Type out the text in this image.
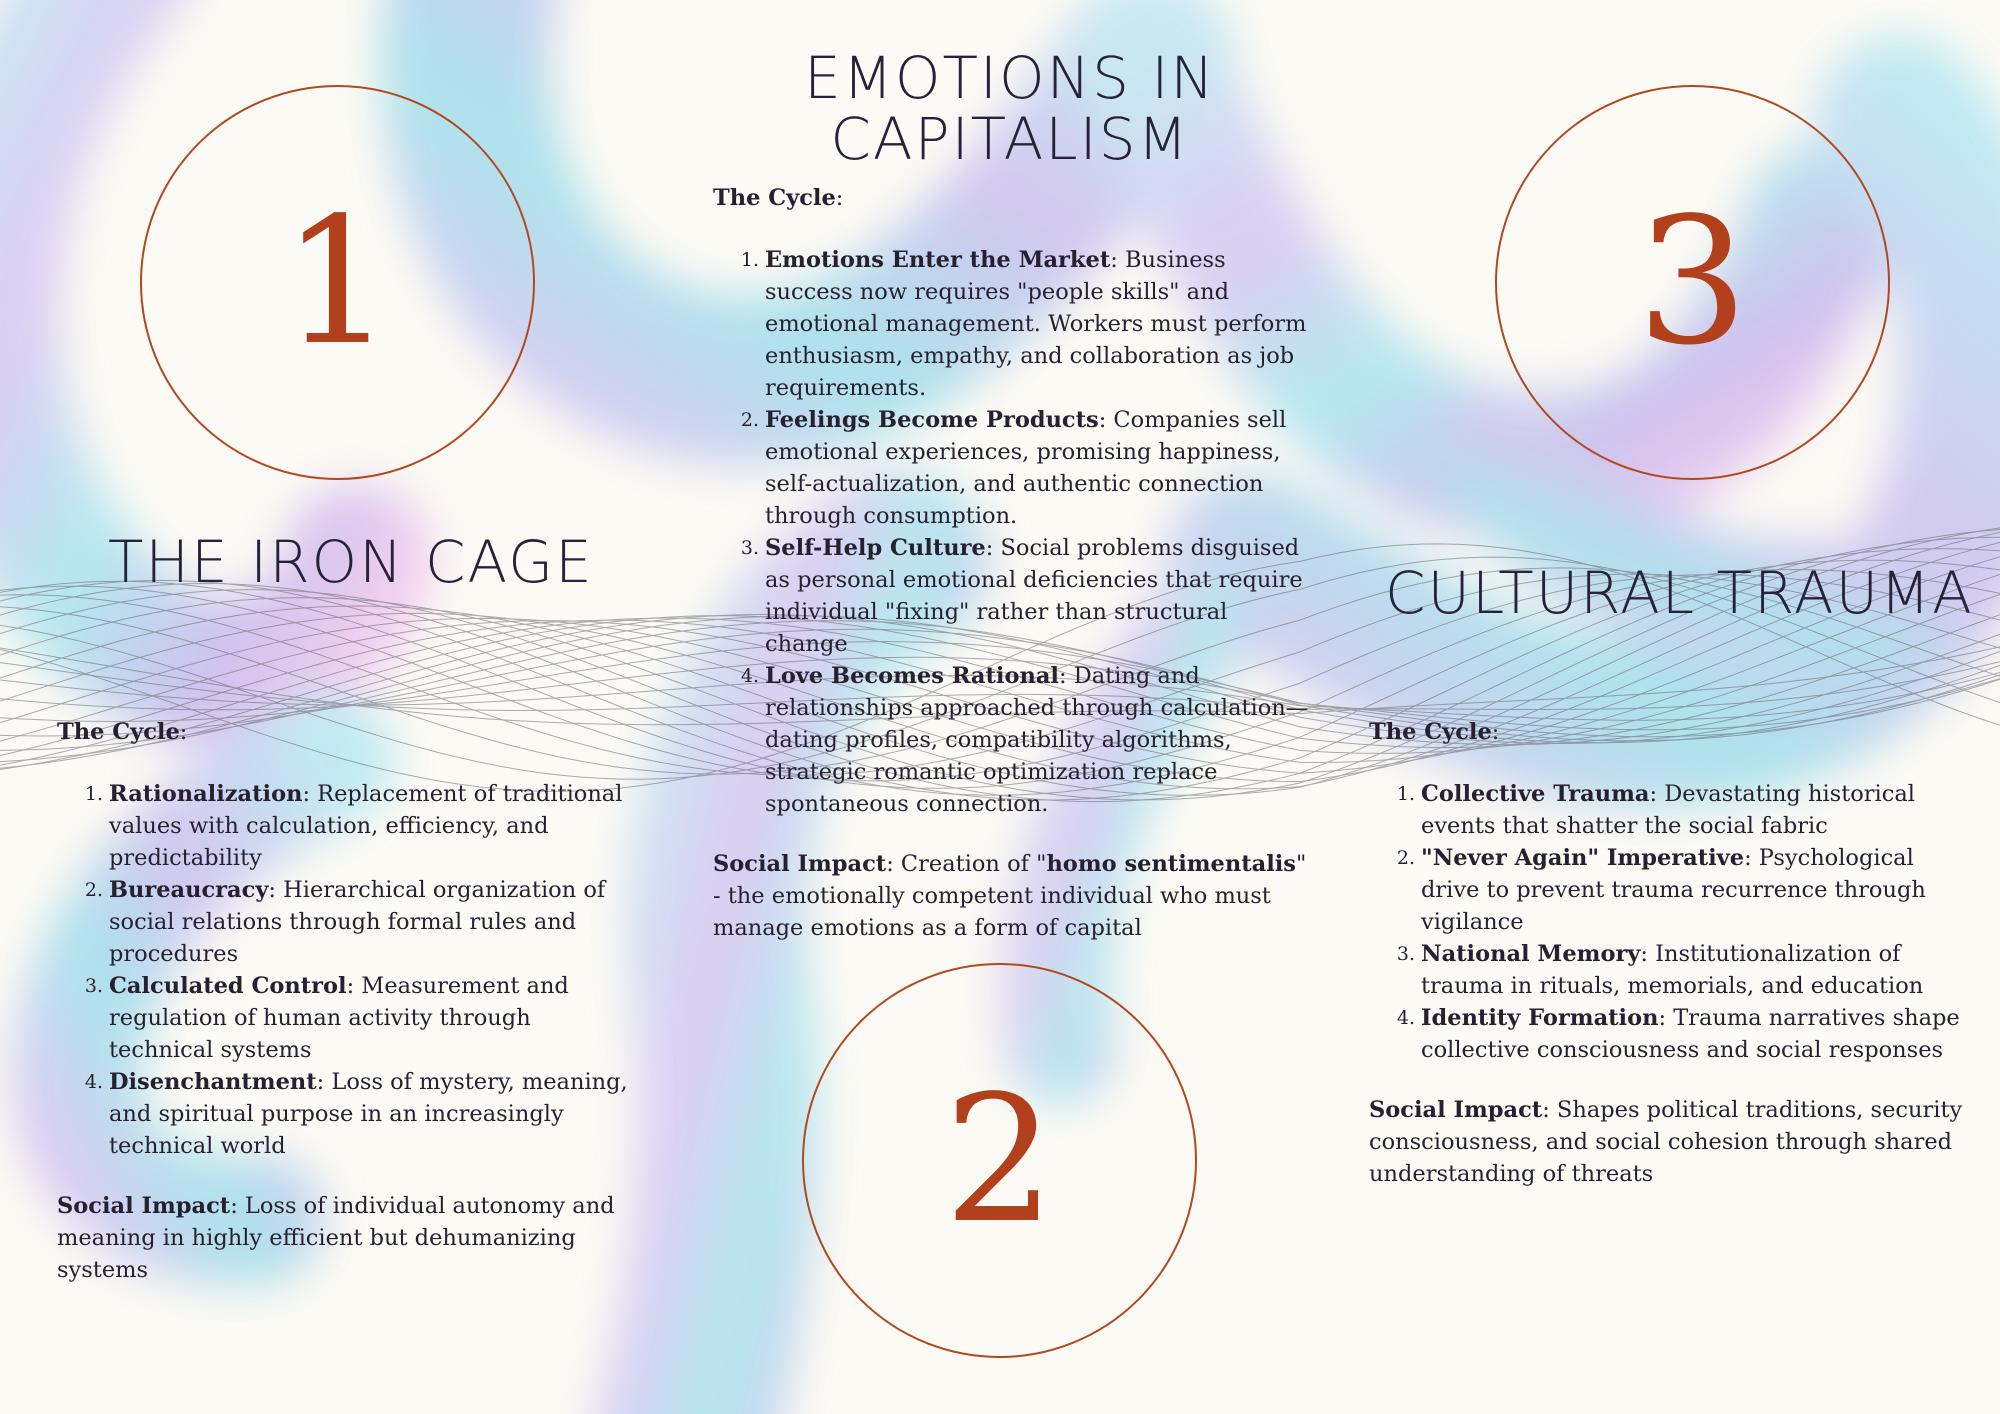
EMOTIONS IN
CAPITALISM
1
THE IRON CAGE

The Cycle:

1. Rationalization: Replacement of traditional values with calculation, efficiency, and predictability
2. Bureaucracy: Hierarchical organization of social relations through formal rules and procedures
3. Calculated Control: Measurement and regulation of human activity through technical systems
4. Disenchantment: Loss of mystery, meaning, and spiritual purpose in an increasingly technical world

Social Impact: Loss of individual autonomy and meaning in highly efficient but dehumanizing systems

The Cycle:

1. Emotions Enter the Market: Business success now requires "people skills" and emotional management. Workers must perform enthusiasm, empathy, and collaboration as job requirements.
2. Feelings Become Products: Companies sell emotional experiences, promising happiness, self-actualization, and authentic connection through consumption.
3. Self-Help Culture: Social problems disguised as personal emotional deficiencies that require individual "fixing" rather than structural change
4. Love Becomes Rational: Dating and relationships approached through calculation—dating profiles, compatibility algorithms, strategic romantic optimization replace spontaneous connection.

Social Impact: Creation of "homo sentimentalis" - the emotionally competent individual who must manage emotions as a form of capital

2
3
CULTURAL TRAUMA

The Cycle:

1. Collective Trauma: Devastating historical events that shatter the social fabric
2. "Never Again" Imperative: Psychological drive to prevent trauma recurrence through vigilance
3. National Memory: Institutionalization of trauma in rituals, memorials, and education
4. Identity Formation: Trauma narratives shape collective consciousness and social responses

Social Impact: Shapes political traditions, security consciousness, and social cohesion through shared understanding of threats
